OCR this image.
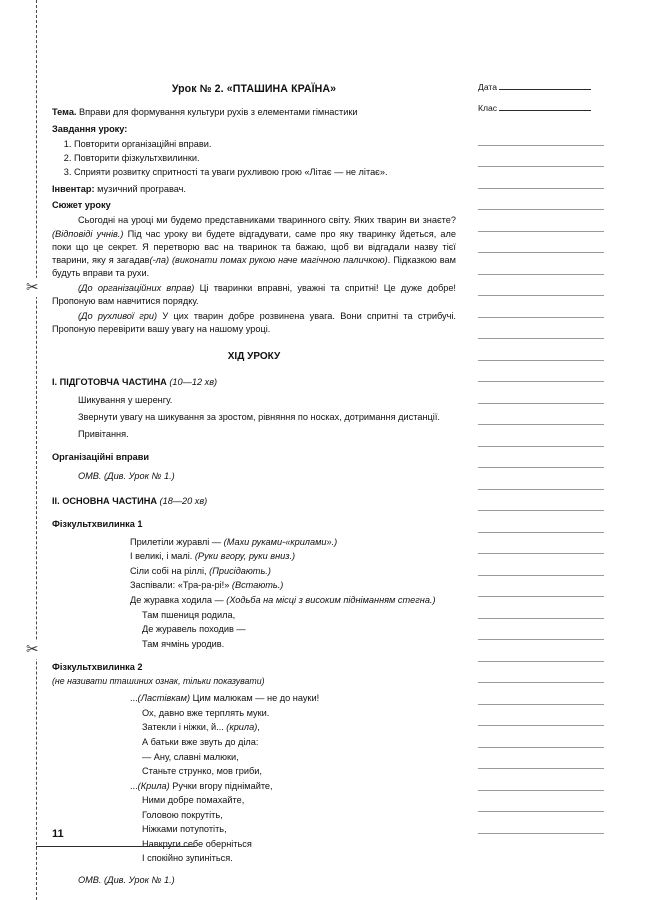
✂
✂
Урок № 2. «ПТАШИНА КРАЇНА»

Тема. Вправи для формування культури рухів з елементами гімнастики

Завдання уроку:

1. Повторити організаційні вправи.
2. Повторити фізкультхвилинки.
3. Сприяти розвитку спритності та уваги рухливою грою «Літає — не літає».

Інвентар: музичний програвач.

Сюжет уроку

Сьогодні на уроці ми будемо представниками тваринного світу. Яких тварин ви знаєте? (Відповіді учнів.) Під час уроку ви будете відгадувати, саме про яку тваринку йдеться, але поки що це секрет. Я перетворю вас на тваринок та бажаю, щоб ви відгадали назву тієї тварини, яку я загадав(-ла) (виконати помах рукою наче магічною паличкою). Підказкою вам будуть вправи та рухи.

(До організаційних вправ) Ці тваринки вправні, уважні та спритні! Це дуже добре! Пропоную вам навчитися порядку.

(До рухливої гри) У цих тварин добре розвинена увага. Вони спритні та стрибучі. Пропоную перевірити вашу увагу на нашому уроці.

ХІД УРОКУ

І. ПІДГОТОВЧА ЧАСТИНА (10—12 хв)

Шикування у шеренгу.

Звернути увагу на шикування за зростом, рівняння по носках, дотримання дистанції.

Привітання.

Організаційні вправи

ОМВ. (Див. Урок № 1.)

ІІ. ОСНОВНА ЧАСТИНА (18—20 хв)

Фізкультхвилинка 1

Прилетіли журавлі — (Махи руками-«крилами».)

І великі, і малі. (Руки вгору, руки вниз.)

Сіли собі на ріллі, (Присідають.)

Заспівали: «Тра-ра-рі!» (Встають.)

Де журавка ходила — (Ходьба на місці з високим підніманням стегна.)

Там пшениця родила,

Де журавель походив —

Там ячмінь уродив.

Фізкультхвилинка 2

(не називати пташиних ознак, тільки показувати)

...(Ластівкам) Цим малюкам — не до науки!

Ох, давно вже терплять муки.

Затекли і ніжки, й... (крила),

А батьки вже звуть до діла:

— Ану, славні малюки,

Станьте струнко, мов гриби,

...(Крила) Ручки вгору піднімайте,

Ними добре помахайте,

Головою покрутіть,

Ніжками потупотіть,

Навкруги себе оберніться

І спокійно зупиніться.

ОМВ. (Див. Урок № 1.)

Дата
Клас
11
